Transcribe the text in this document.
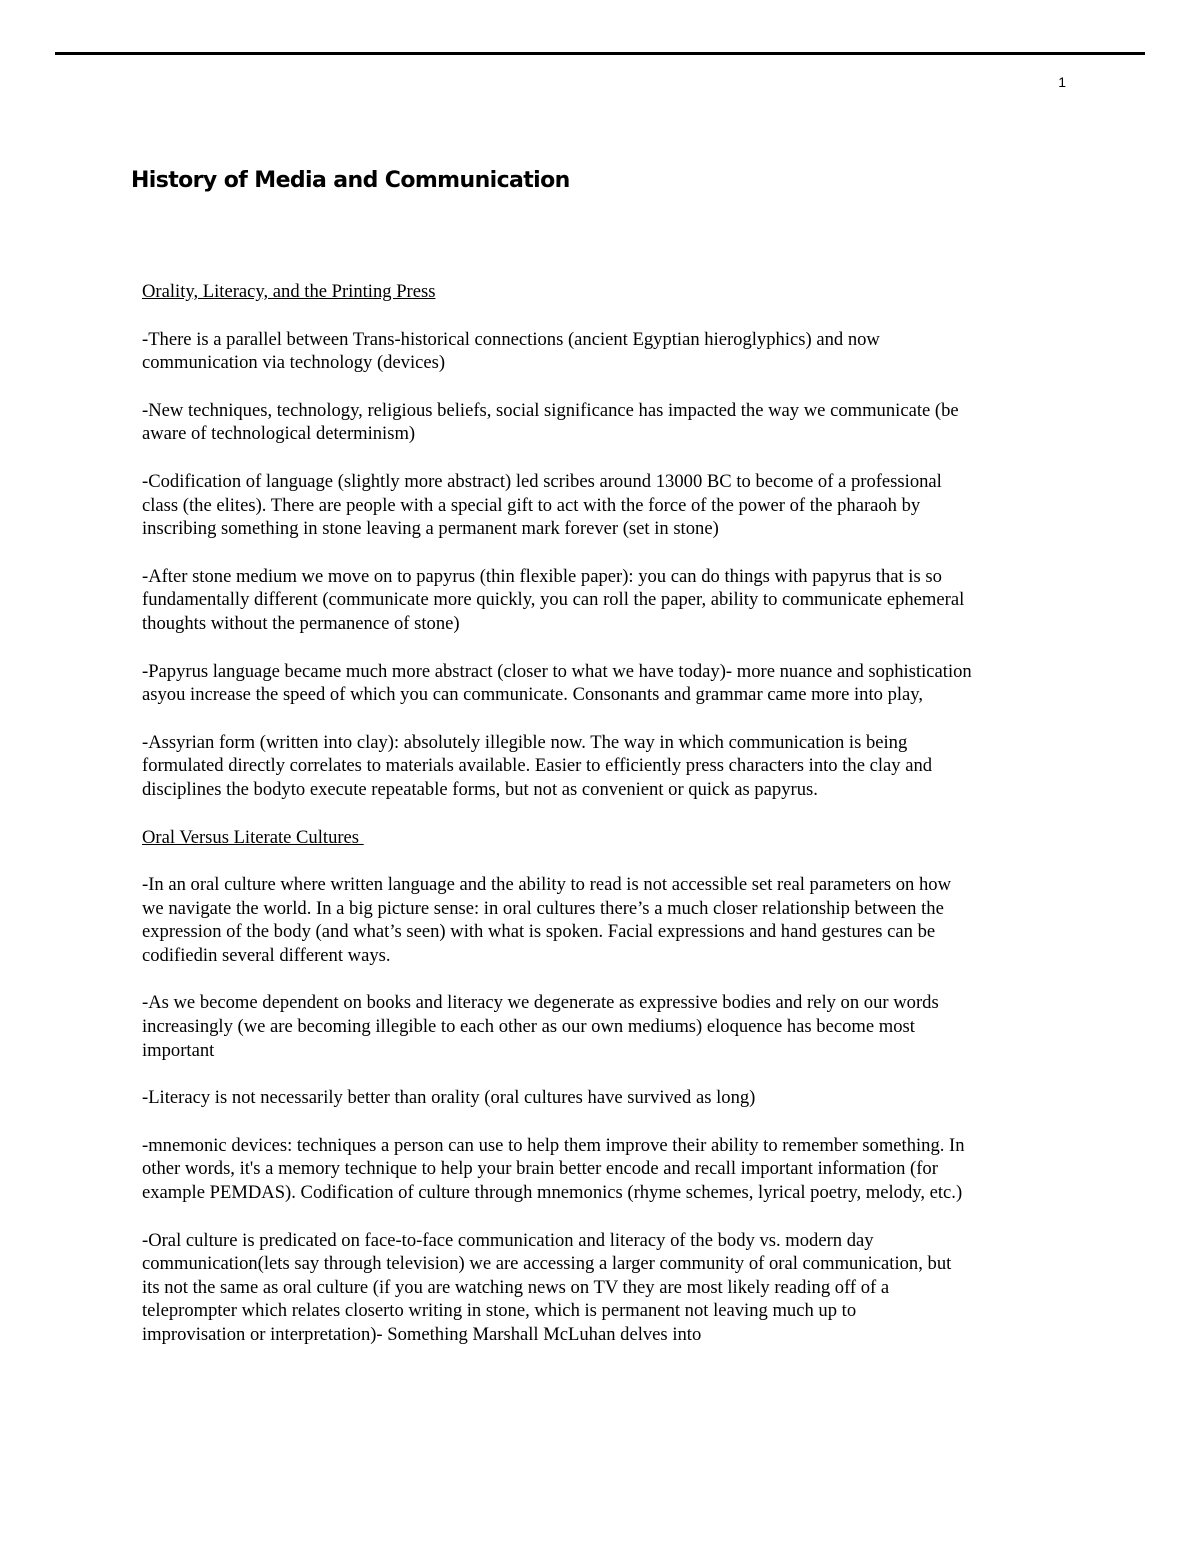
1
History of Media and Communication

Orality, Literacy, and the Printing Press

-There is a parallel between Trans-historical connections (ancient Egyptian hieroglyphics) and now
communication via technology (devices)

-New techniques, technology, religious beliefs, social significance has impacted the way we communicate (be
aware of technological determinism)

-Codification of language (slightly more abstract) led scribes around 13000 BC to become of a professional
class (the elites). There are people with a special gift to act with the force of the power of the pharaoh by
inscribing something in stone leaving a permanent mark forever (set in stone)

-After stone medium we move on to papyrus (thin flexible paper): you can do things with papyrus that is so
fundamentally different (communicate more quickly, you can roll the paper, ability to communicate ephemeral
thoughts without the permanence of stone)

-Papyrus language became much more abstract (closer to what we have today)- more nuance and sophistication
asyou increase the speed of which you can communicate. Consonants and grammar came more into play,

-Assyrian form (written into clay): absolutely illegible now. The way in which communication is being
formulated directly correlates to materials available. Easier to efficiently press characters into the clay and
disciplines the bodyto execute repeatable forms, but not as convenient or quick as papyrus.

Oral Versus Literate Cultures

-In an oral culture where written language and the ability to read is not accessible set real parameters on how
we navigate the world. In a big picture sense: in oral cultures there’s a much closer relationship between the
expression of the body (and what’s seen) with what is spoken. Facial expressions and hand gestures can be
codifiedin several different ways.

-As we become dependent on books and literacy we degenerate as expressive bodies and rely on our words
increasingly (we are becoming illegible to each other as our own mediums) eloquence has become most
important

-Literacy is not necessarily better than orality (oral cultures have survived as long)

-mnemonic devices: techniques a person can use to help them improve their ability to remember something. In
other words, it's a memory technique to help your brain better encode and recall important information (for
example PEMDAS). Codification of culture through mnemonics (rhyme schemes, lyrical poetry, melody, etc.)

-Oral culture is predicated on face-to-face communication and literacy of the body vs. modern day
communication(lets say through television) we are accessing a larger community of oral communication, but
its not the same as oral culture (if you are watching news on TV they are most likely reading off of a
teleprompter which relates closerto writing in stone, which is permanent not leaving much up to
improvisation or interpretation)- Something Marshall McLuhan delves into
